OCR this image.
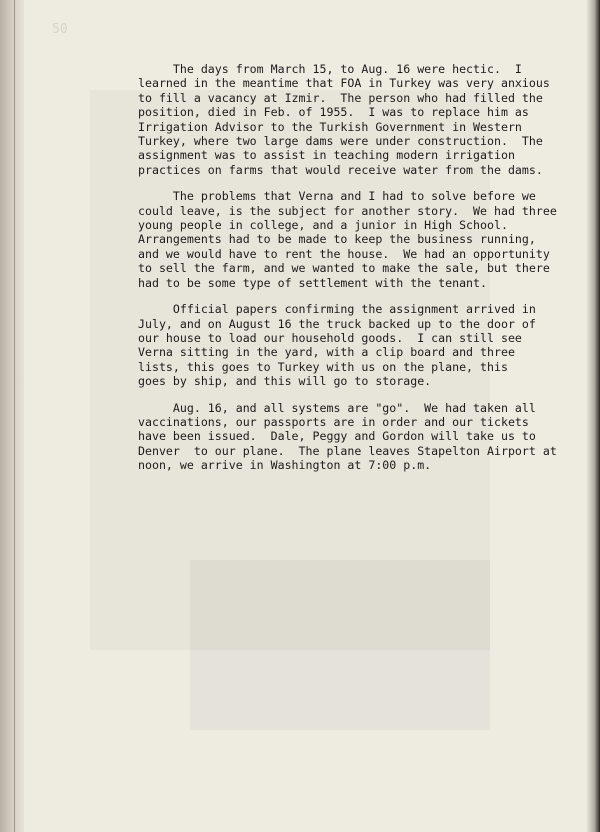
50

The days from March 15, to Aug. 16 were hectic.  I
learned in the meantime that FOA in Turkey was very anxious
to fill a vacancy at Izmir.  The person who had filled the
position, died in Feb. of 1955.  I was to replace him as
Irrigation Advisor to the Turkish Government in Western
Turkey, where two large dams were under construction.  The
assignment was to assist in teaching modern irrigation
practices on farms that would receive water from the dams.

The problems that Verna and I had to solve before we
could leave, is the subject for another story.  We had three
young people in college, and a junior in High School.
Arrangements had to be made to keep the business running,
and we would have to rent the house.  We had an opportunity
to sell the farm, and we wanted to make the sale, but there
had to be some type of settlement with the tenant.

Official papers confirming the assignment arrived in
July, and on August 16 the truck backed up to the door of
our house to load our household goods.  I can still see
Verna sitting in the yard, with a clip board and three
lists, this goes to Turkey with us on the plane, this
goes by ship, and this will go to storage.

Aug. 16, and all systems are "go".  We had taken all
vaccinations, our passports are in order and our tickets
have been issued.  Dale, Peggy and Gordon will take us to
Denver  to our plane.  The plane leaves Stapelton Airport at
noon, we arrive in Washington at 7:00 p.m.
